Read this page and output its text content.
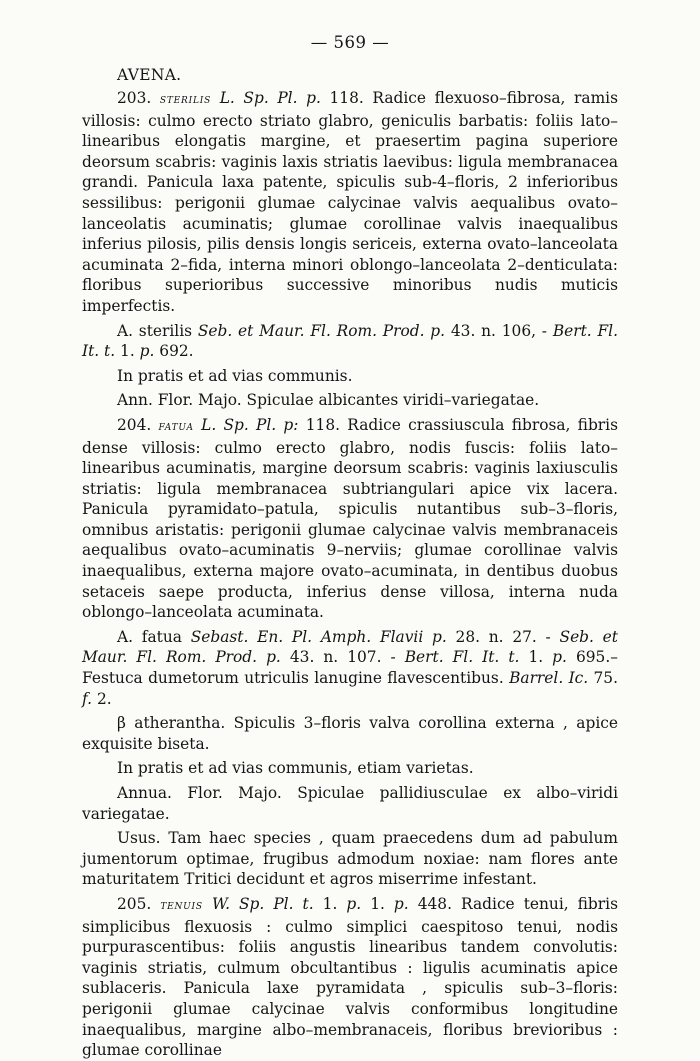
— 569 —
AVENA.

203. sterilis L. Sp. Pl. p. 118. Radice flexuoso–fibrosa, ramis villosis: culmo erecto striato glabro, geniculis barbatis: foliis lato–linearibus elongatis margine, et praesertim pagina superiore deorsum scabris: vaginis laxis striatis laevibus: ligula membranacea grandi. Panicula laxa patente, spiculis sub-4–floris, 2 inferioribus sessilibus: perigonii glumae calycinae valvis aequalibus ovato–lanceolatis acuminatis; glumae corollinae valvis inaequalibus inferius pilosis, pilis densis longis sericeis, externa ovato–lanceolata acuminata 2–fida, interna minori oblongo–lanceolata 2–denticulata: floribus superioribus successive minoribus nudis muticis imperfectis.

A. sterilis Seb. et Maur. Fl. Rom. Prod. p. 43. n. 106, - Bert. Fl. It. t. 1. p. 692.

In pratis et ad vias communis.

Ann. Flor. Majo. Spiculae albicantes viridi–variegatae.

204. fatua L. Sp. Pl. p: 118. Radice crassiuscula fibrosa, fibris dense villosis: culmo erecto glabro, nodis fuscis: foliis lato–linearibus acuminatis, margine deorsum scabris: vaginis laxiusculis striatis: ligula membranacea subtriangulari apice vix lacera. Panicula pyramidato–patula, spiculis nutantibus sub–3–floris, omnibus aristatis: perigonii glumae calycinae valvis membranaceis aequalibus ovato–acuminatis 9–nerviis; glumae corollinae valvis inaequalibus, externa majore ovato–acuminata, in dentibus duobus setaceis saepe producta, inferius dense villosa, interna nuda oblongo–lanceolata acuminata.

A. fatua Sebast. En. Pl. Amph. Flavii p. 28. n. 27. - Seb. et Maur. Fl. Rom. Prod. p. 43. n. 107. - Bert. Fl. It. t. 1. p. 695.– Festuca dumetorum utriculis lanugine flavescentibus. Barrel. Ic. 75. f. 2.

β atherantha. Spiculis 3–floris valva corollina externa , apice exquisite biseta.

In pratis et ad vias communis, etiam varietas.

Annua. Flor. Majo. Spiculae pallidiusculae ex albo–viridi variegatae.

Usus. Tam haec species , quam praecedens dum ad pabulum jumentorum optimae, frugibus admodum noxiae: nam flores ante maturitatem Tritici decidunt et agros miserrime infestant.

205. tenuis W. Sp. Pl. t. 1. p. 1. p. 448. Radice tenui, fibris simplicibus flexuosis : culmo simplici caespitoso tenui, nodis purpurascentibus: foliis angustis linearibus tandem convolutis: vaginis striatis, culmum obcultantibus : ligulis acuminatis apice sublaceris. Panicula laxe pyramidata , spiculis sub–3–floris: perigonii glumae calycinae valvis conformibus longitudine inaequalibus, margine albo–membranaceis, floribus brevioribus : glumae corollinae
